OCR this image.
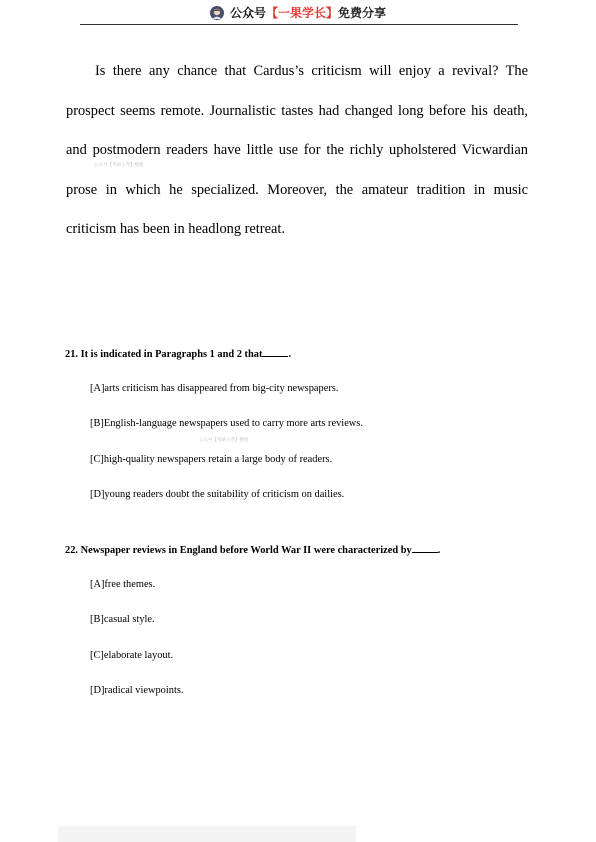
公众号【一果学长】免费分享

Is there any chance that Cardus’s criticism will enjoy a revival? The prospect seems remote. Journalistic tastes had changed long before his death, and postmodern readers have little use for the richly upholstered Vicwardian prose in which he specialized. Moreover, the amateur tradition in music criticism has been in headlong retreat.

公众号【考研小乔】整理

21. It is indicated in Paragraphs 1 and 2 that	.

[A]arts criticism has disappeared from big-city newspapers.

[B]English-language newspapers used to carry more arts reviews.

公众号【考研小乔】整理

[C]high-quality newspapers retain a large body of readers.

[D]young readers doubt the suitability of criticism on dailies.

22. Newspaper reviews in England before World War II were characterized by	.

[A]free themes.

[B]casual style.

[C]elaborate layout.

[D]radical viewpoints.
